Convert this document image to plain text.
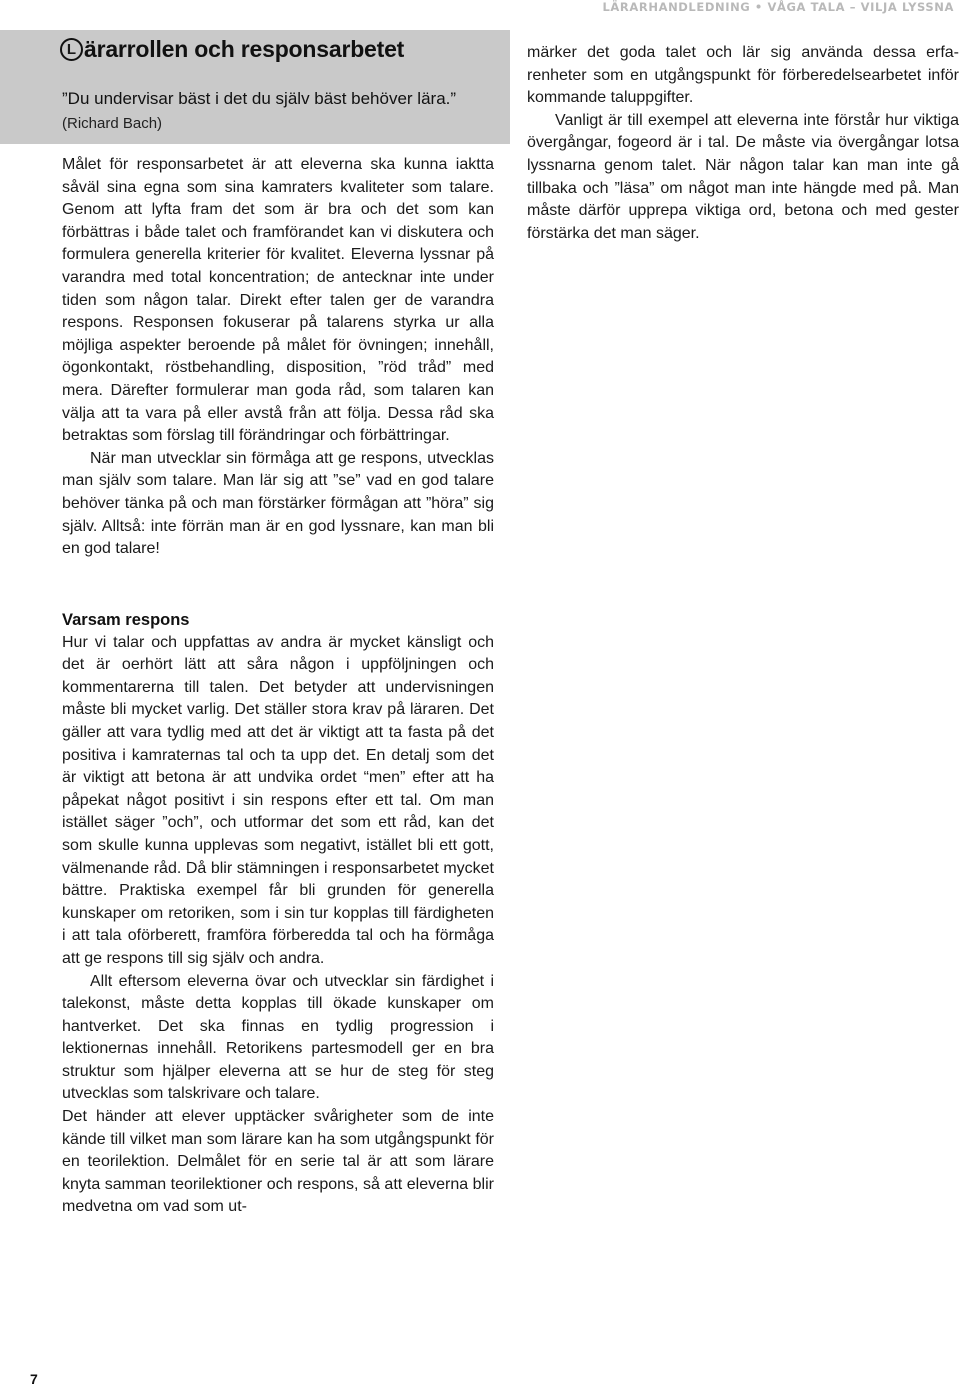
LÄRARHANDLEDNING • VÅGA TALA – VILJA LYSSNA
L ärarrollen och responsarbetet
”Du undervisar bäst i det du själv bäst behöver lära.”
(Richard Bach)

Målet för responsarbetet är att eleverna ska kunna iaktta såväl sina egna som sina kamraters kvaliteter som talare. Genom att lyfta fram det som är bra och det som kan förbättras i både talet och framförandet kan vi diskutera och formulera generella kriterier för kvalitet. Eleverna lyssnar på varandra med total koncentration; de antecknar inte under tiden som någon talar. Direkt efter talen ger de varandra respons. Responsen fokuserar på talarens styrka ur alla möjliga aspekter beroende på målet för övningen; innehåll, ögonkontakt, röstbehandling, disposition, ”röd tråd” med mera. Därefter formulerar man goda råd, som talaren kan välja att ta vara på eller avstå från att följa. Dessa råd ska betraktas som förslag till förändringar och förbättringar.

När man utvecklar sin förmåga att ge respons, utvecklas man själv som talare. Man lär sig att ”se” vad en god talare behöver tänka på och man förstärker förmågan att ”höra” sig själv. Alltså: inte förrän man är en god lyssnare, kan man bli en god talare!

Varsam respons

Hur vi talar och uppfattas av andra är mycket känsligt och det är oerhört lätt att såra någon i uppföljningen och kommentarerna till talen. Det betyder att undervisningen måste bli mycket varlig. Det ställer stora krav på läraren. Det gäller att vara tydlig med att det är viktigt att ta fasta på det positiva i kamraternas tal och ta upp det. En detalj som det är viktigt att betona är att undvika ordet “men” efter att ha påpekat något positivt i sin respons efter ett tal. Om man istället säger ”och”, och utformar det som ett råd, kan det som skulle kunna upplevas som negativt, istället bli ett gott, välmenande råd. Då blir stämningen i responsarbetet mycket bättre. Praktiska exempel får bli grunden för generella kunskaper om retoriken, som i sin tur kopplas till färdigheten i att tala oförberett, framföra förberedda tal och ha förmåga att ge respons till sig själv och andra.

Allt eftersom eleverna övar och utvecklar sin färdighet i talekonst, måste detta kopplas till ökade kunskaper om hantverket. Det ska finnas en tydlig progression i lektionernas innehåll. Retorikens partesmodell ger en bra struktur som hjälper eleverna att se hur de steg för steg utvecklas som talskrivare och talare.

Det händer att elever upptäcker svårigheter som de inte kände till vilket man som lärare kan ha som utgångspunkt för en teorilektion. Delmålet för en serie tal är att som lärare knyta samman teorilektioner och respons, så att eleverna blir medvetna om vad som ut-

märker det goda talet och lär sig använda dessa erfarenheter som en utgångspunkt för förberedelsearbetet inför kommande taluppgifter.

Vanligt är till exempel att eleverna inte förstår hur viktiga övergångar, fogeord är i tal. De måste via övergångar lotsa lyssnarna genom talet. När någon talar kan man inte gå tillbaka och ”läsa” om något man inte hängde med på. Man måste därför upprepa viktiga ord, betona och med gester förstärka det man säger.

7
